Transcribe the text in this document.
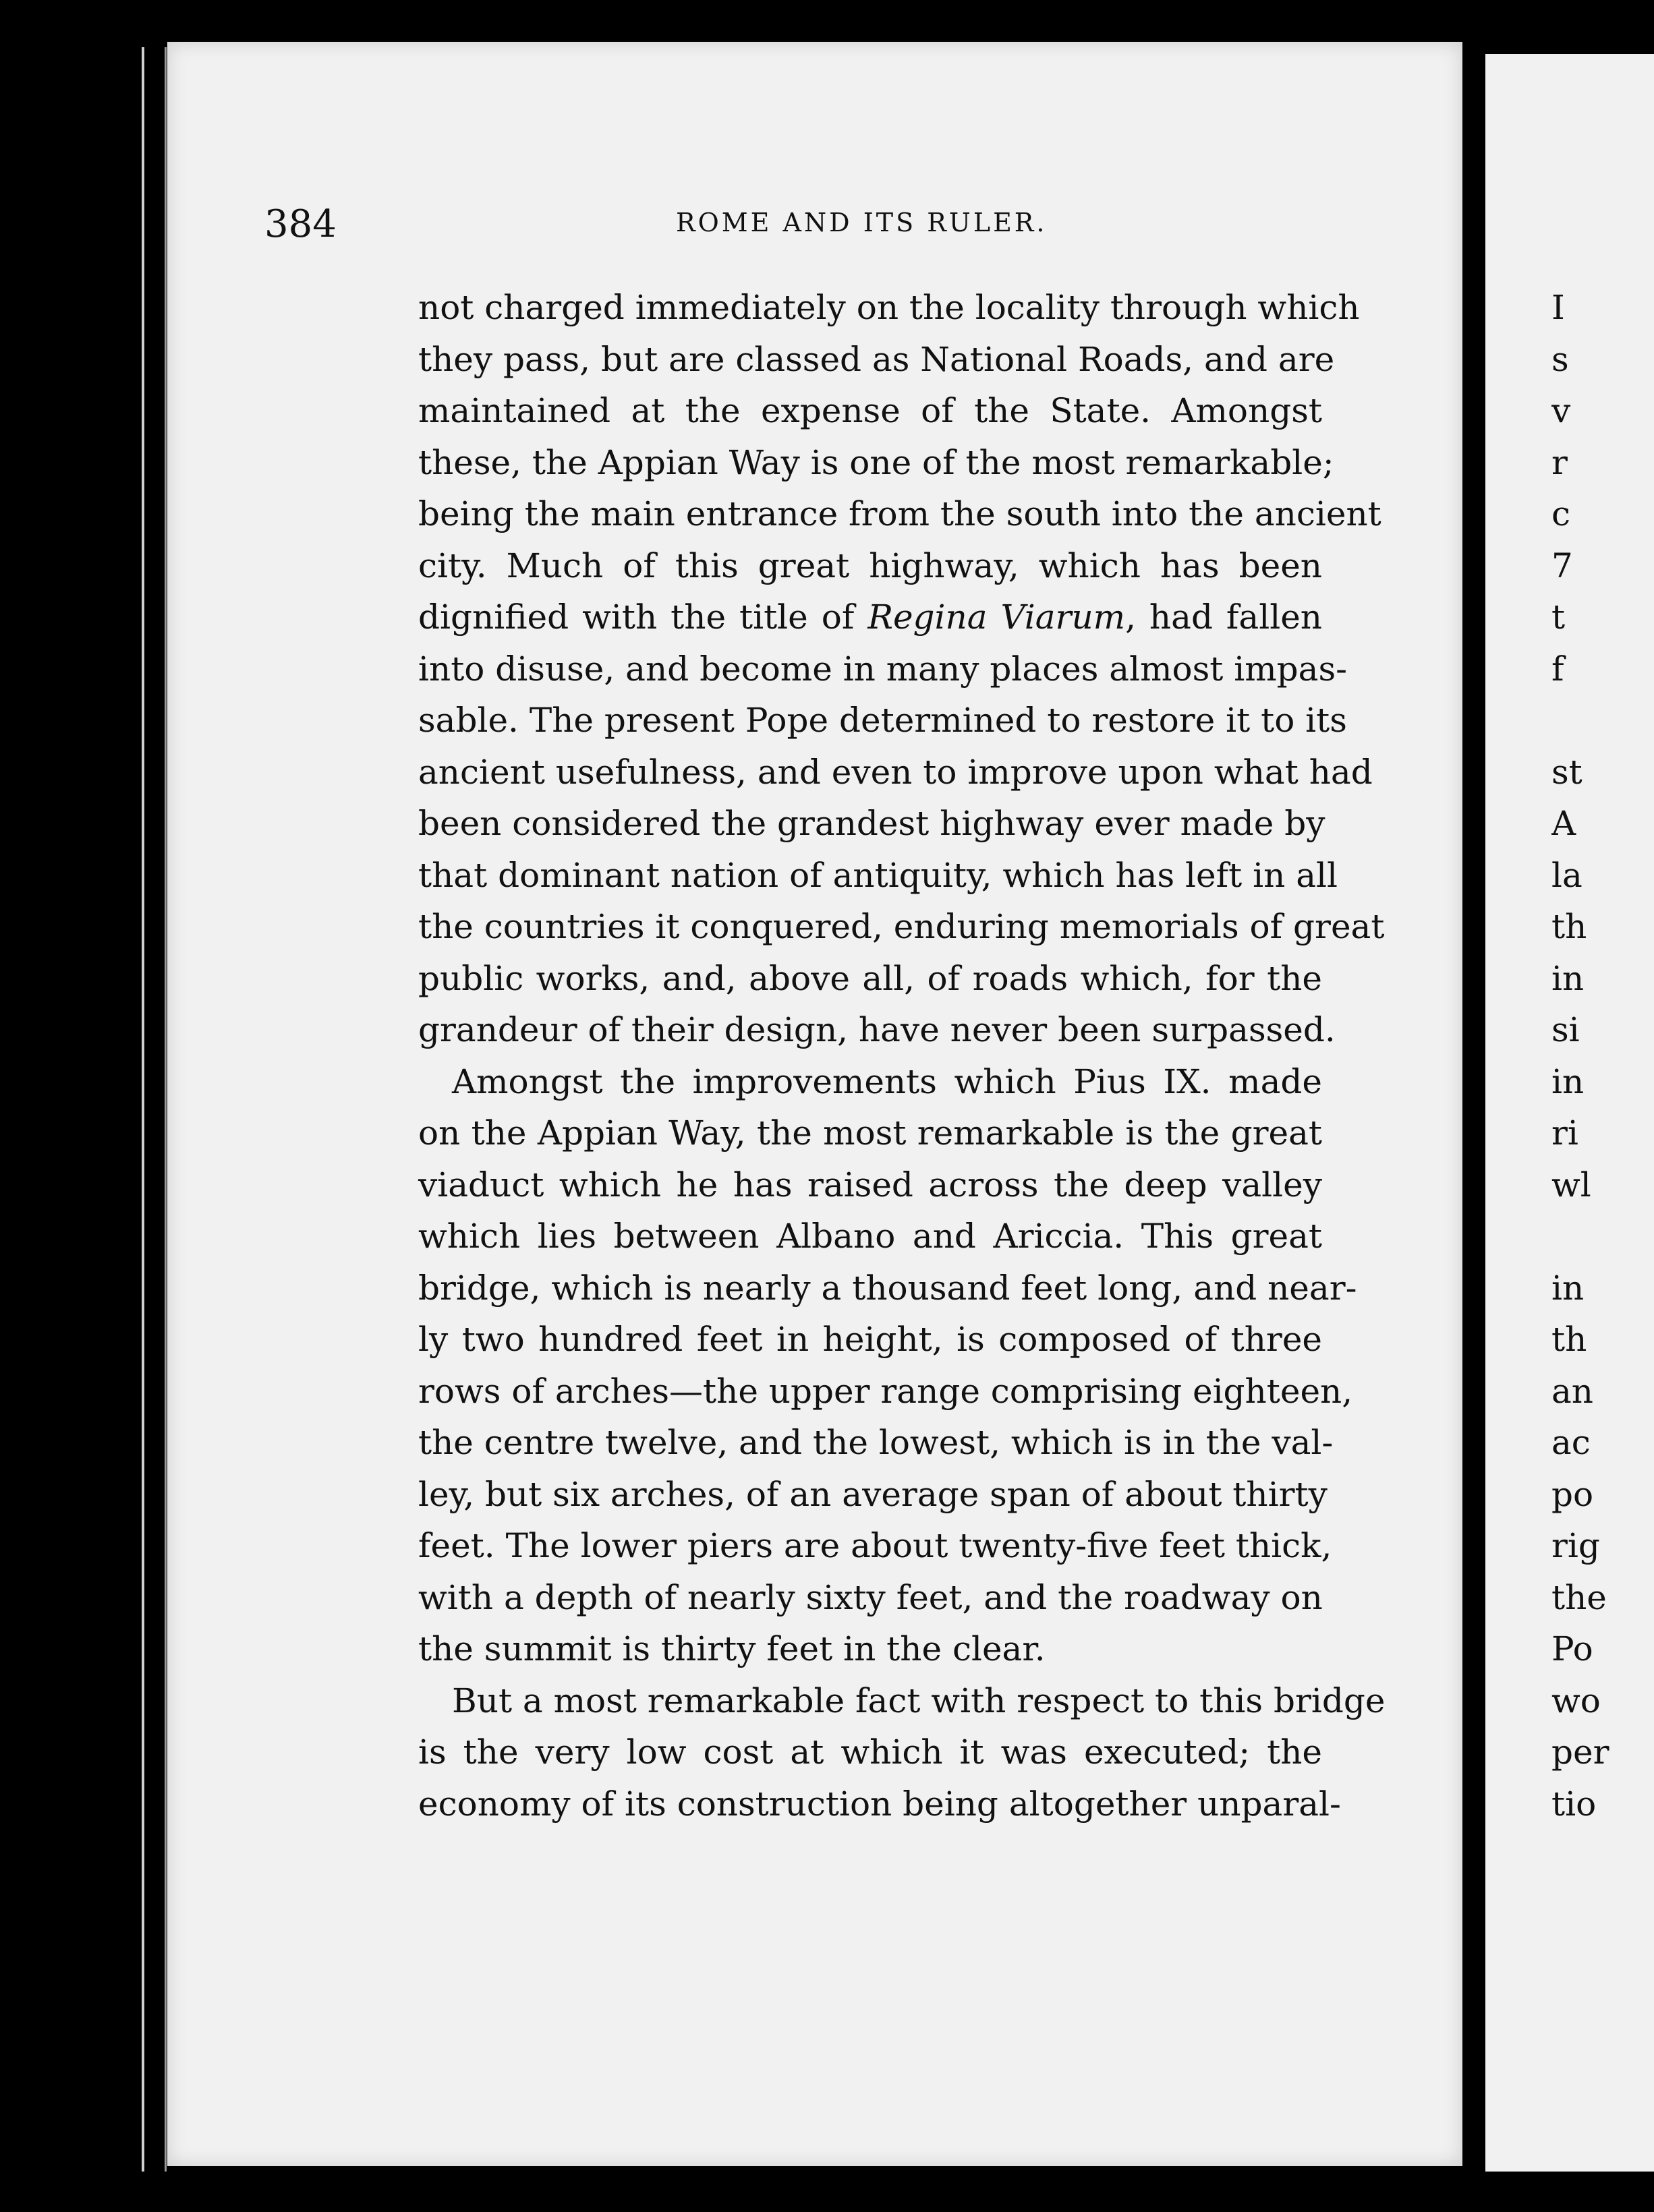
384	ROME AND ITS RULER.
not charged immediately on the locality through which
they pass, but are classed as National Roads, and are
maintained at the expense of the State. Amongst
these, the Appian Way is one of the most remarkable;
being the main entrance from the south into the ancient
city. Much of this great highway, which has been
dignified with the title of Regina Viarum, had fallen
into disuse, and become in many places almost impas-
sable. The present Pope determined to restore it to its
ancient usefulness, and even to improve upon what had
been considered the grandest highway ever made by
that dominant nation of antiquity, which has left in all
the countries it conquered, enduring memorials of great
public works, and, above all, of roads which, for the
grandeur of their design, have never been surpassed.
Amongst the improvements which Pius IX. made
on the Appian Way, the most remarkable is the great
viaduct which he has raised across the deep valley
which lies between Albano and Ariccia. This great
bridge, which is nearly a thousand feet long, and near-
ly two hundred feet in height, is composed of three
rows of arches—the upper range comprising eighteen,
the centre twelve, and the lowest, which is in the val-
ley, but six arches, of an average span of about thirty
feet. The lower piers are about twenty-five feet thick,
with a depth of nearly sixty feet, and the roadway on
the summit is thirty feet in the clear.
But a most remarkable fact with respect to this bridge
is the very low cost at which it was executed; the
economy of its construction being altogether unparal-
I
s
v
r
c
7
t
f
st
A
la
th
in
si
in
ri
wl
in
th
an
ac
po
rig
the
Po
wo
per
tio
